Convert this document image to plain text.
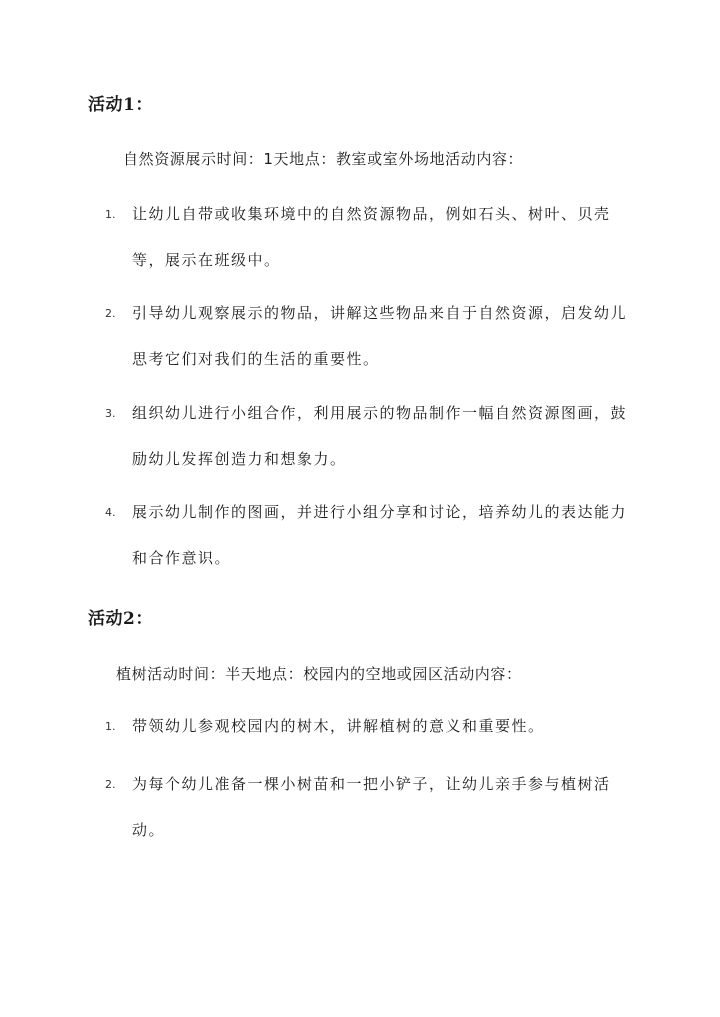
活动1：
自然资源展示时间：1天地点：教室或室外场地活动内容：
1. 让幼儿自带或收集环境中的自然资源物品，例如石头、树叶、贝壳等，展示在班级中。
2. 引导幼儿观察展示的物品，讲解这些物品来自于自然资源，启发幼儿思考它们对我们的生活的重要性。
3. 组织幼儿进行小组合作，利用展示的物品制作一幅自然资源图画，鼓励幼儿发挥创造力和想象力。
4. 展示幼儿制作的图画，并进行小组分享和讨论，培养幼儿的表达能力和合作意识。
活动2：
植树活动时间：半天地点：校园内的空地或园区活动内容：
1. 带领幼儿参观校园内的树木，讲解植树的意义和重要性。
2. 为每个幼儿准备一棵小树苗和一把小铲子，让幼儿亲手参与植树活动。
